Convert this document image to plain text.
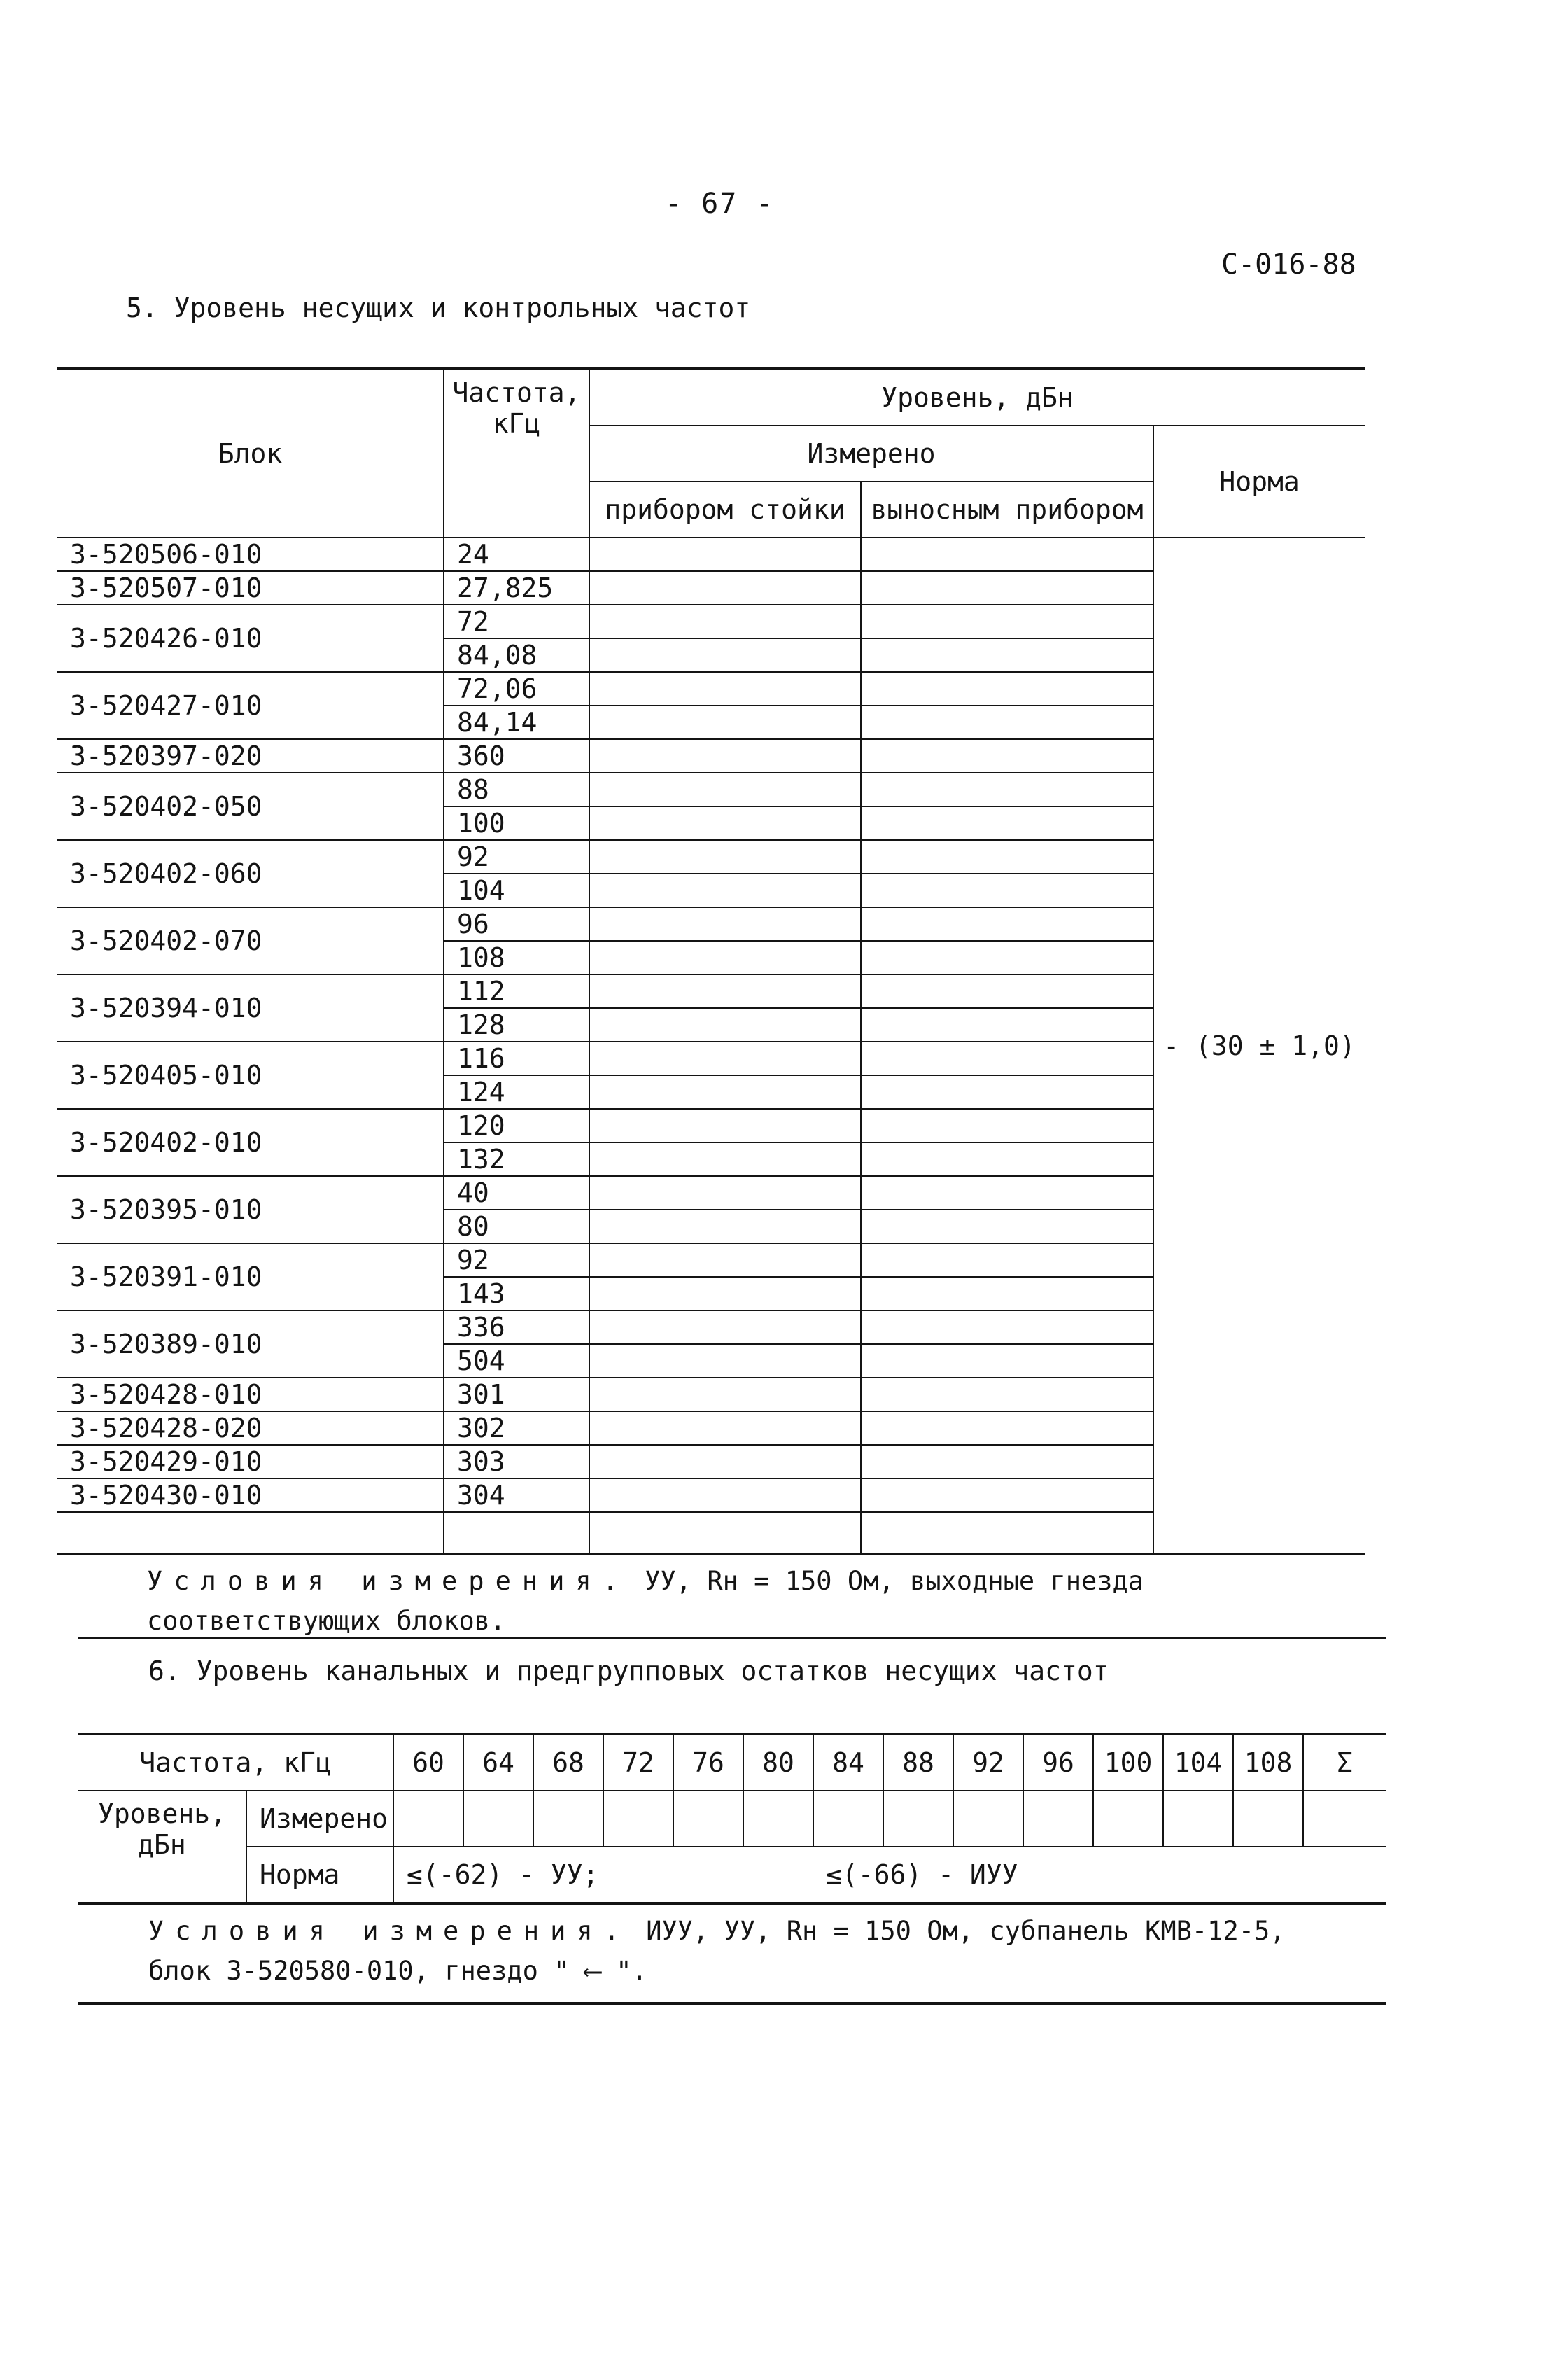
- 67 -
С-016-88
5. Уровень несущих и контрольных частот
Блок	Частота, кГц	Уровень, дБн		
		Измерено		Норма
		прибором стойки	выносным прибором	
3-520506-010	24			- (30 ± 1,0)
3-520507-010	27,825			
3-520426-010	72			
	84,08			
3-520427-010	72,06			
	84,14			
3-520397-020	360			
3-520402-050	88			
	100			
3-520402-060	92			
	104			
3-520402-070	96			
	108			
3-520394-010	112			
	128			
3-520405-010	116			
	124			
3-520402-010	120			
	132			
3-520395-010	40			
	80			
3-520391-010	92			
	143			
3-520389-010	336			
	504			
3-520428-010	301			
3-520428-020	302			
3-520429-010	303			
3-520430-010	304			

Условия измерения. УУ, Rн = 150 Ом, выходные гнезда соответствующих блоков.
6. Уровень канальных и предгрупповых остатков несущих частот
Частота, кГц		60	64	68	72	76	80	84	88	92	96	100	104	108	Σ
Уровень, дБн	Измерено														
	Норма	≤(-62) - УУ;						≤(-66) - ИУУ							
Условия измерения. ИУУ, УУ, Rн = 150 Ом, субпанель КМВ-12-5, блок 3-520580-010, гнездо " ⟵ ".
